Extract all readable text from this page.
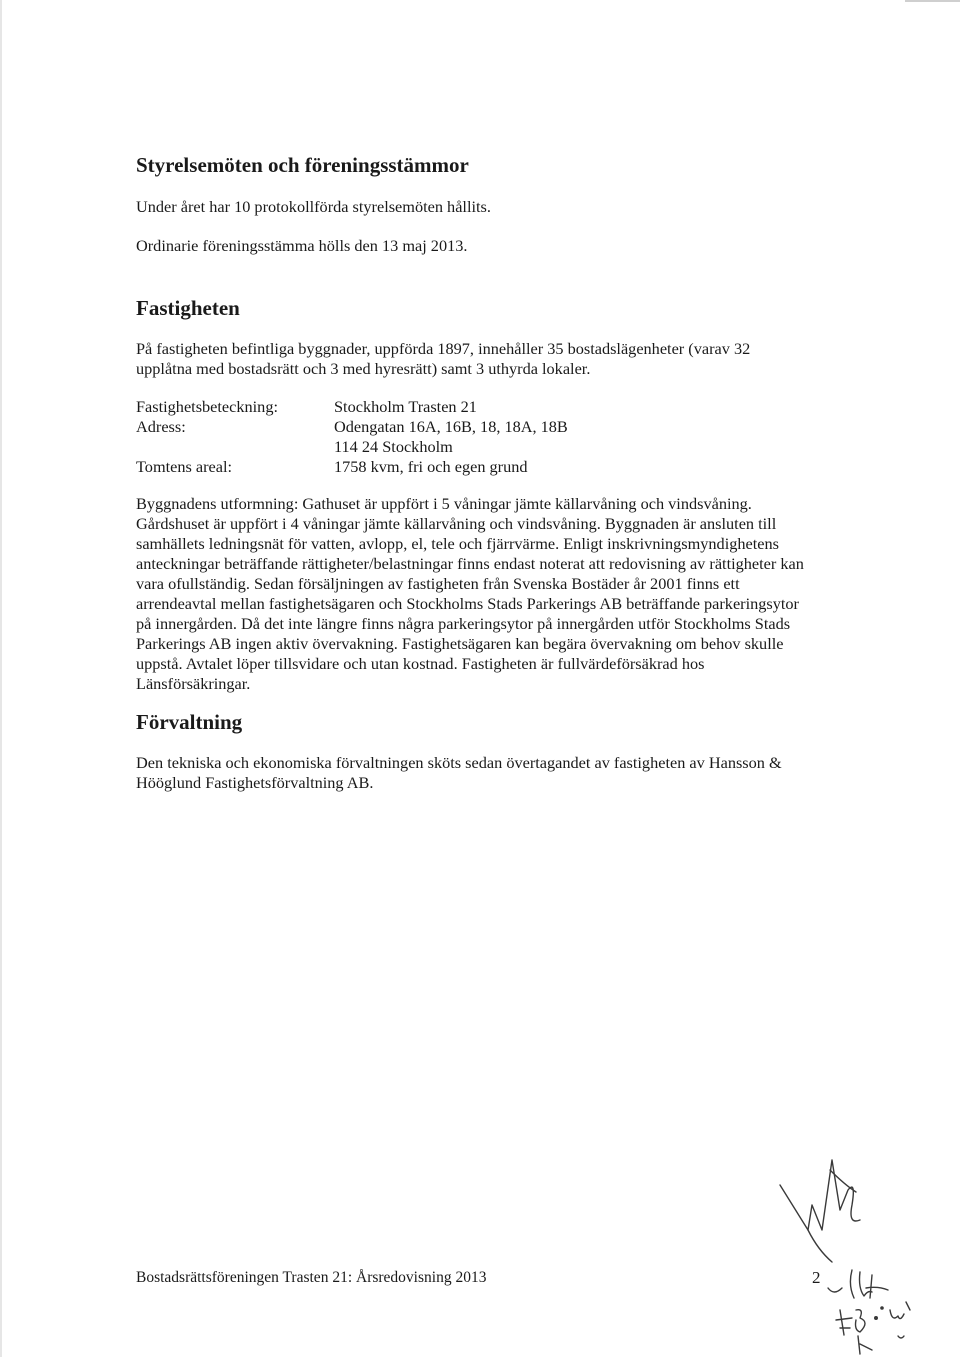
Styrelsemöten och föreningsstämmor

Under året har 10 protokollförda styrelsemöten hållits.

Ordinarie föreningsstämma hölls den 13 maj 2013.

Fastigheten

På fastigheten befintliga byggnader, uppförda 1897, innehåller 35 bostadslägenheter (varav 32
upplåtna med bostadsrätt och 3 med hyresrätt) samt 3 uthyrda lokaler.

Fastighetsbeteckning:	Stockholm Trasten 21
Adress:	Odengatan 16A, 16B, 18, 18A, 18B
114 24 Stockholm
Tomtens areal:	1758 kvm, fri och egen grund

Byggnadens utformning: Gathuset är uppfört i 5 våningar jämte källarvåning och vindsvåning.
Gårdshuset är uppfört i 4 våningar jämte källarvåning och vindsvåning. Byggnaden är ansluten till
samhällets ledningsnät för vatten, avlopp, el, tele och fjärrvärme. Enligt inskrivningsmyndighetens
anteckningar beträffande rättigheter/belastningar finns endast noterat att redovisning av rättigheter kan
vara ofullständig. Sedan försäljningen av fastigheten från Svenska Bostäder år 2001 finns ett
arrendeavtal mellan fastighetsägaren och Stockholms Stads Parkerings AB beträffande parkeringsytor
på innergården. Då det inte längre finns några parkeringsytor på innergården utför Stockholms Stads
Parkerings AB ingen aktiv övervakning. Fastighetsägaren kan begära övervakning om behov skulle
uppstå. Avtalet löper tillsvidare och utan kostnad. Fastigheten är fullvärdeförsäkrad hos
Länsförsäkringar.

Förvaltning

Den tekniska och ekonomiska förvaltningen sköts sedan övertagandet av fastigheten av Hansson &
Hööglund Fastighetsförvaltning AB.

Bostadsrättsföreningen Trasten 21: Årsredovisning 2013	2
